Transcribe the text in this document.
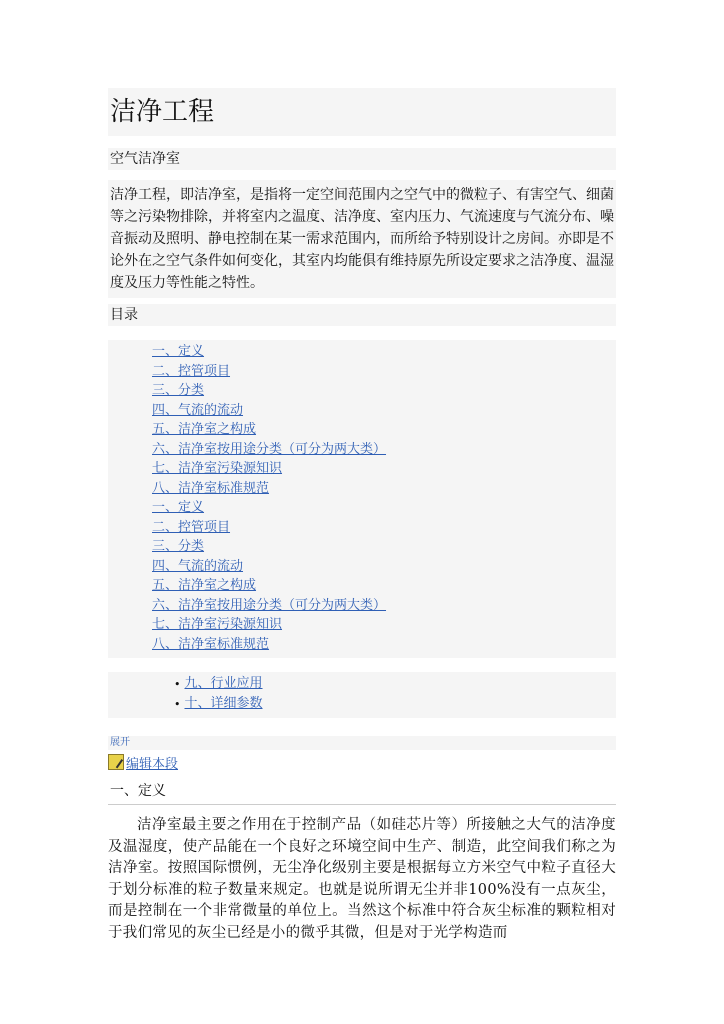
洁净工程
空气洁净室
洁净工程，即洁净室，是指将一定空间范围内之空气中的微粒子、有害空气、细菌等之污染物排除，并将室内之温度、洁净度、室内压力、气流速度与气流分布、噪音振动及照明、静电控制在某一需求范围内，而所给予特别设计之房间。亦即是不论外在之空气条件如何变化，其室内均能俱有维持原先所设定要求之洁净度、温湿度及压力等性能之特性。
目录
一、定义
二、控管项目
三、分类
四、气流的流动
五、洁净室之构成
六、洁净室按用途分类（可分为两大类）
七、洁净室污染源知识
八、洁净室标准规范
一、定义
二、控管项目
三、分类
四、气流的流动
五、洁净室之构成
六、洁净室按用途分类（可分为两大类）
七、洁净室污染源知识
八、洁净室标准规范
• 九、行业应用
• 十、详细参数
展开
编辑本段
一、定义
洁净室最主要之作用在于控制产品（如硅芯片等）所接触之大气的洁净度及温湿度，使产品能在一个良好之环境空间中生产、制造，此空间我们称之为洁净室。按照国际惯例，无尘净化级别主要是根据每立方米空气中粒子直径大于划分标准的粒子数量来规定。也就是说所谓无尘并非100%没有一点灰尘，而是控制在一个非常微量的单位上。当然这个标准中符合灰尘标准的颗粒相对于我们常见的灰尘已经是小的微乎其微，但是对于光学构造而
